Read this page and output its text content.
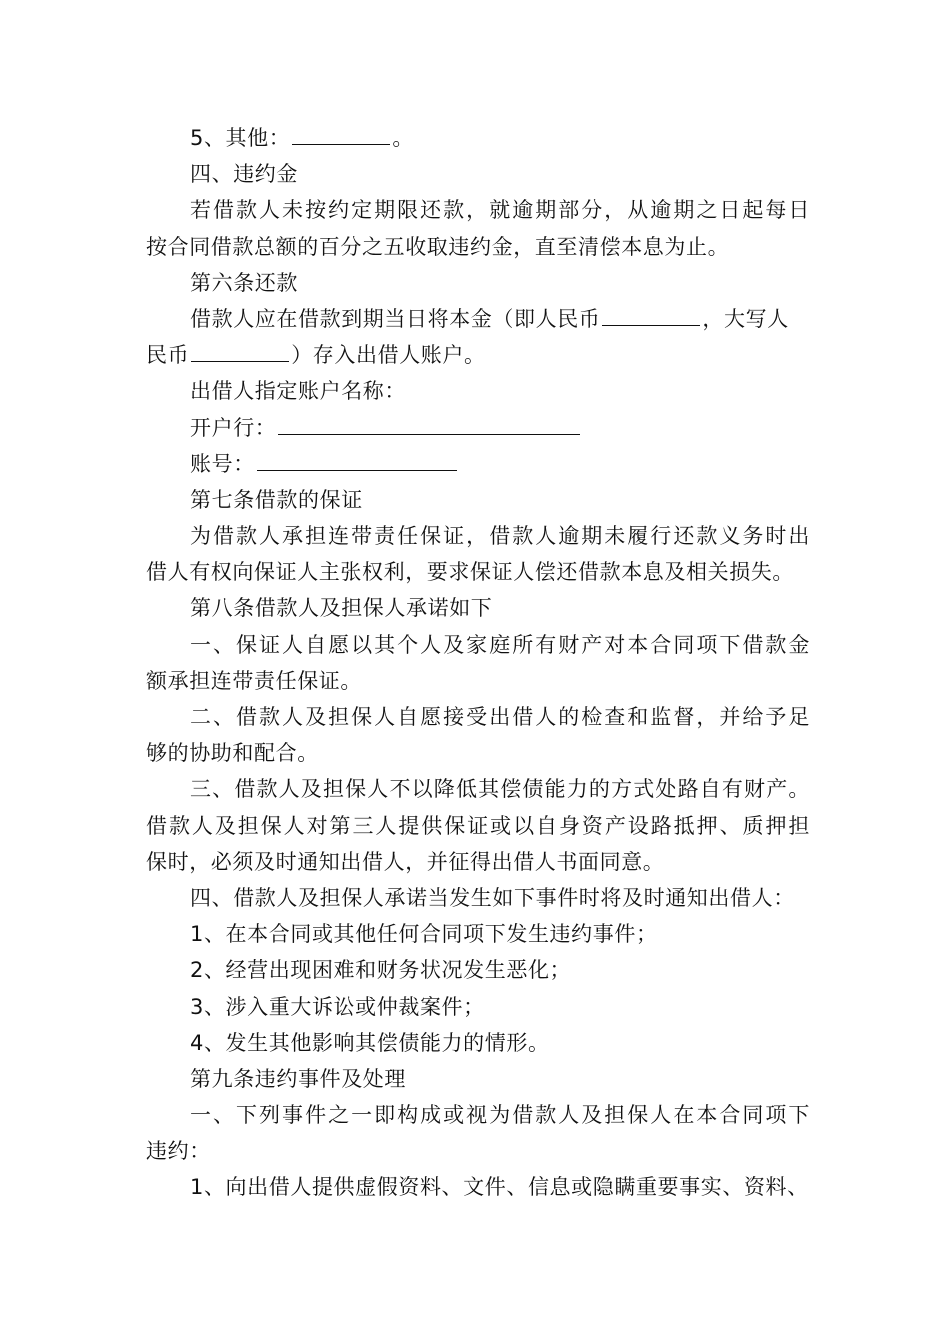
5、其他：	。
四、违约金
若借款人未按约定期限还款，就逾期部分，从逾期之日起每日
按合同借款总额的百分之五收取违约金，直至清偿本息为止。
第六条还款
借款人应在借款到期当日将本金（即人民币	，大写人
民币	）存入出借人账户。
出借人指定账户名称：
开户行：
账号：
第七条借款的保证
为借款人承担连带责任保证，借款人逾期未履行还款义务时出
借人有权向保证人主张权利，要求保证人偿还借款本息及相关损失。
第八条借款人及担保人承诺如下
一、保证人自愿以其个人及家庭所有财产对本合同项下借款金
额承担连带责任保证。
二、借款人及担保人自愿接受出借人的检查和监督，并给予足
够的协助和配合。
三、借款人及担保人不以降低其偿债能力的方式处路自有财产。
借款人及担保人对第三人提供保证或以自身资产设路抵押、质押担
保时，必须及时通知出借人，并征得出借人书面同意。
四、借款人及担保人承诺当发生如下事件时将及时通知出借人：
1、在本合同或其他任何合同项下发生违约事件；
2、经营出现困难和财务状况发生恶化；
3、涉入重大诉讼或仲裁案件；
4、发生其他影响其偿债能力的情形。
第九条违约事件及处理
一、下列事件之一即构成或视为借款人及担保人在本合同项下
违约：
1、向出借人提供虚假资料、文件、信息或隐瞒重要事实、资料、
